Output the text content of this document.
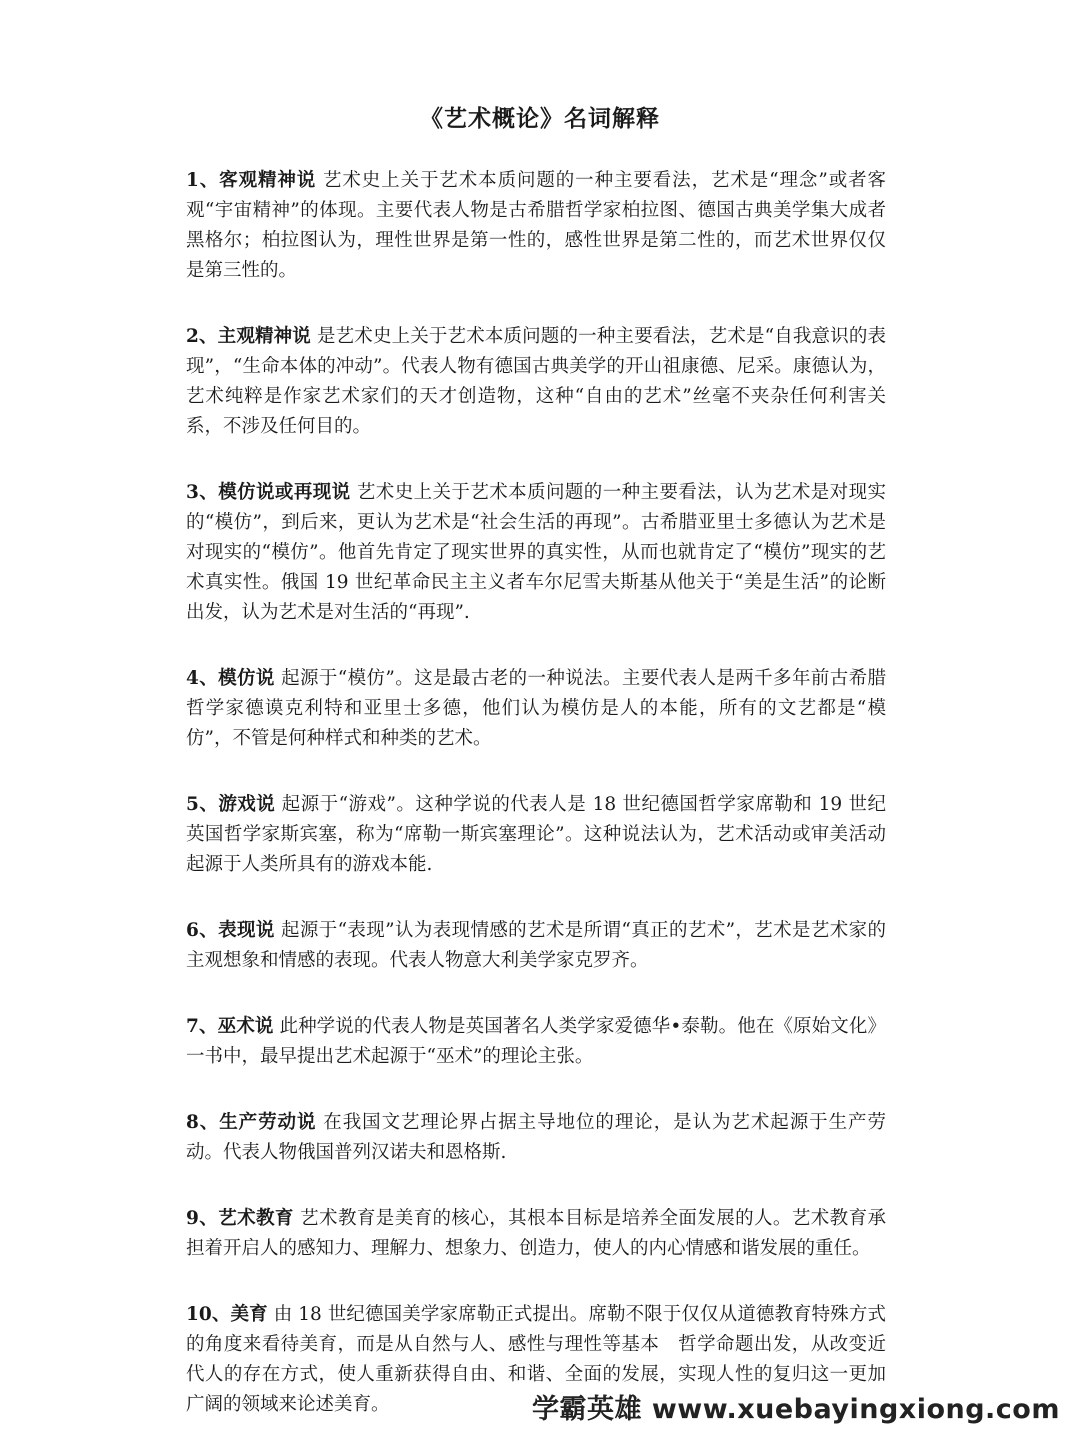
《艺术概论》名词解释

1、客观精神说 艺术史上关于艺术本质问题的一种主要看法，艺术是“理念”或者客观“宇宙精神”的体现。主要代表人物是古希腊哲学家柏拉图、德国古典美学集大成者黑格尔；柏拉图认为，理性世界是第一性的，感性世界是第二性的，而艺术世界仅仅是第三性的。

2、主观精神说 是艺术史上关于艺术本质问题的一种主要看法，艺术是“自我意识的表现”，“生命本体的冲动”。代表人物有德国古典美学的开山祖康德、尼采。康德认为，艺术纯粹是作家艺术家们的天才创造物，这种“自由的艺术”丝毫不夹杂任何利害关系，不涉及任何目的。

3、模仿说或再现说 艺术史上关于艺术本质问题的一种主要看法，认为艺术是对现实的“模仿”，到后来，更认为艺术是“社会生活的再现”。古希腊亚里士多德认为艺术是对现实的“模仿”。他首先肯定了现实世界的真实性，从而也就肯定了“模仿”现实的艺术真实性。俄国 19 世纪革命民主主义者车尔尼雪夫斯基从他关于“美是生活”的论断出发，认为艺术是对生活的“再现”.

4、模仿说 起源于“模仿”。这是最古老的一种说法。主要代表人是两千多年前古希腊哲学家德谟克利特和亚里士多德，他们认为模仿是人的本能，所有的文艺都是“模仿”，不管是何种样式和种类的艺术。

5、游戏说 起源于“游戏”。这种学说的代表人是 18 世纪德国哲学家席勒和 19 世纪英国哲学家斯宾塞，称为“席勒一斯宾塞理论”。这种说法认为，艺术活动或审美活动起源于人类所具有的游戏本能.

6、表现说 起源于“表现”认为表现情感的艺术是所谓“真正的艺术”，艺术是艺术家的主观想象和情感的表现。代表人物意大利美学家克罗齐。

7、巫术说 此种学说的代表人物是英国著名人类学家爱德华•泰勒。他在《原始文化》一书中，最早提出艺术起源于“巫术”的理论主张。

8、生产劳动说 在我国文艺理论界占据主导地位的理论，是认为艺术起源于生产劳动。代表人物俄国普列汉诺夫和恩格斯.

9、艺术教育 艺术教育是美育的核心，其根本目标是培养全面发展的人。艺术教育承担着开启人的感知力、理解力、想象力、创造力，使人的内心情感和谐发展的重任。

10、美育 由 18 世纪德国美学家席勒正式提出。席勒不限于仅仅从道德教育特殊方式的角度来看待美育，而是从自然与人、感性与理性等基本　哲学命题出发，从改变近代人的存在方式，使人重新获得自由、和谐、全面的发展，实现人性的复归这一更加广阔的领域来论述美育。	学霸英雄 www.xuebayingxiong.com
